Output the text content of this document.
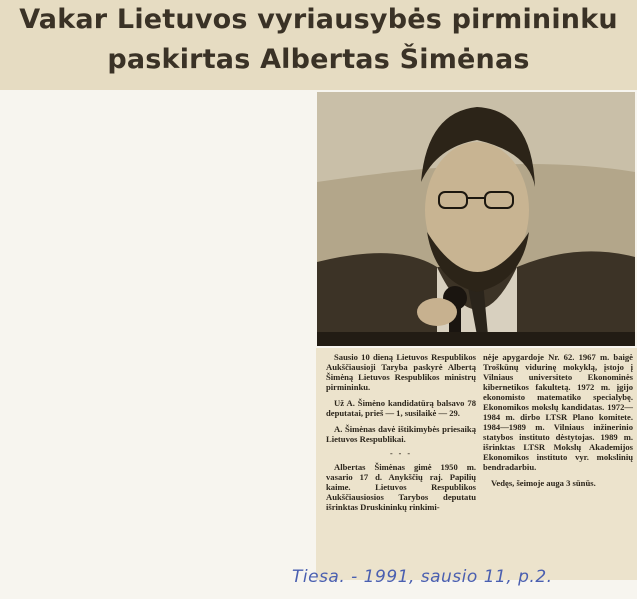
Vakar Lietuvos vyriausybės pirmininku
paskirtas Albertas Šimėnas

Sausio 10 dieną Lietuvos Respublikos Aukščiausioji Taryba paskyrė Albertą Šimėną Lietuvos Respublikos ministrų pirmininku.

Už A. Šimėno kandidatūrą balsavo 78 deputatai, prieš — 1, susilaikė — 29.

A. Šimėnas davė ištikimybės priesaiką Lietuvos Respublikai.

- - -

Albertas Šimėnas gimė 1950 m. vasario 17 d. Anykščių raj. Papilių kaime. Lietuvos Respublikos Aukščiausiosios Tarybos deputatu išrinktas Druskininkų rinkimi-

nėje apygardoje Nr. 62. 1967 m. baigė Troškūnų vidurinę mokyklą, įstojo į Vilniaus universiteto Ekonominės kibernetikos fakultetą. 1972 m. įgijo ekonomisto matematiko specialybę. Ekonomikos mokslų kandidatas. 1972—1984 m. dirbo LTSR Plano komitete. 1984—1989 m. Vilniaus inžinerinio statybos instituto dėstytojas. 1989 m. išrinktas LTSR Mokslų Akademijos Ekonomikos instituto vyr. mokslinių bendradarbiu.

Vedęs, šeimoje auga 3 sūnūs.

Tiesa. - 1991, sausio 11, p.2.
